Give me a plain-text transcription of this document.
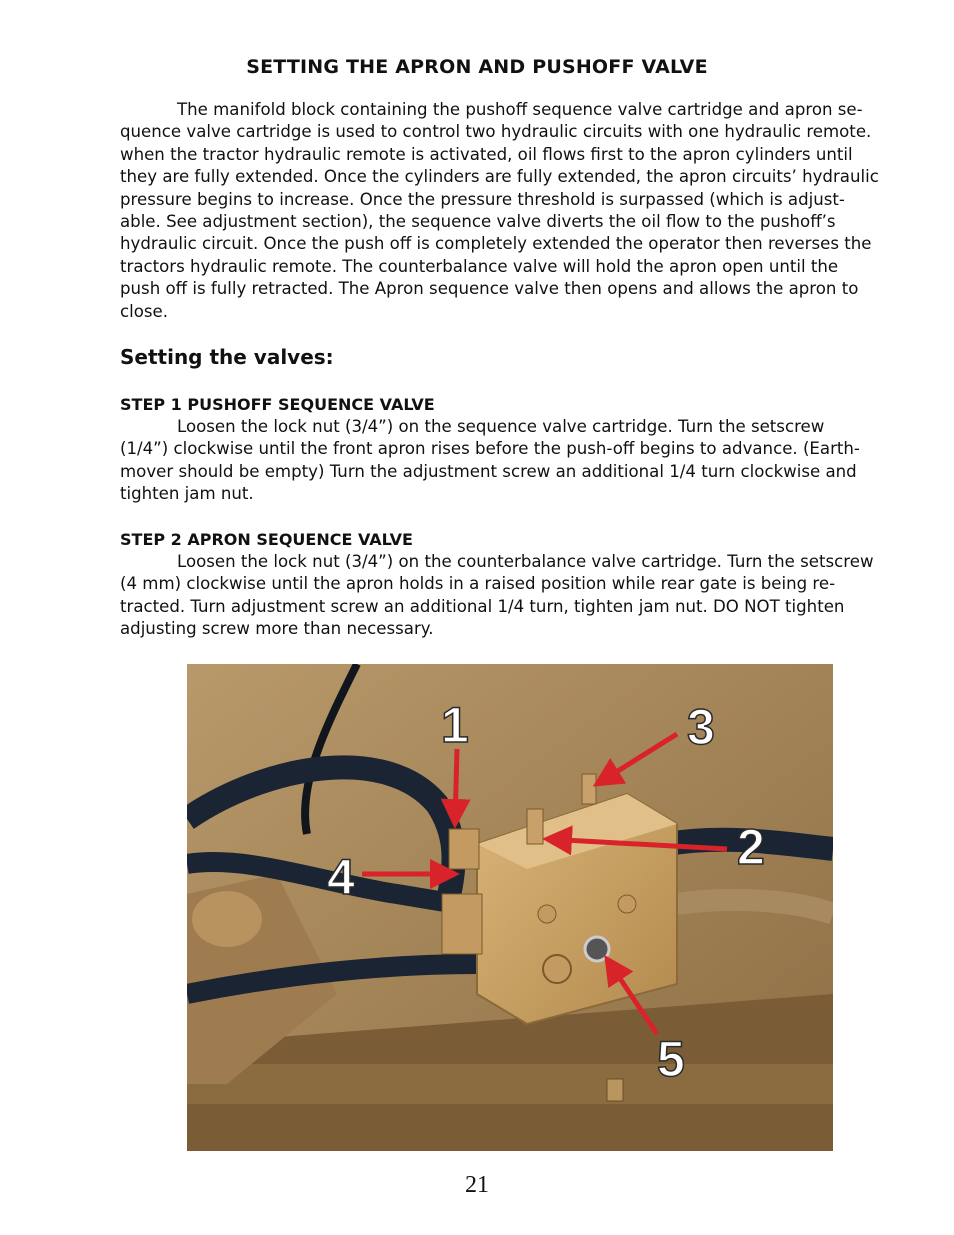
SETTING THE APRON AND PUSHOFF VALVE
The manifold block containing the pushoff sequence valve cartridge and apron se-
quence valve cartridge is used to control two hydraulic circuits with one hydraulic remote.
when the tractor hydraulic remote is activated, oil flows first to the apron cylinders until
they are fully extended. Once the cylinders are fully extended, the apron circuits’ hydraulic
pressure begins to increase. Once the pressure threshold is surpassed (which is adjust-
able. See adjustment section), the sequence valve diverts the oil flow to the pushoff’s
hydraulic circuit. Once the push off is completely extended the operator then reverses the
tractors hydraulic remote. The counterbalance valve will hold the apron open until the
push off is fully retracted. The Apron sequence valve then opens and allows the apron to
close.
Setting the valves:
STEP 1 PUSHOFF SEQUENCE VALVE
Loosen the lock nut (3/4”) on the sequence valve cartridge. Turn the setscrew
(1/4”) clockwise until the front apron rises before the push-off begins to advance. (Earth-
mover should be empty) Turn the adjustment screw an additional 1/4 turn clockwise and
tighten jam nut.
STEP 2 APRON SEQUENCE VALVE
Loosen the lock nut (3/4”) on the counterbalance valve cartridge. Turn the setscrew
(4 mm) clockwise until the apron holds in a raised position while rear gate is being re-
tracted. Turn adjustment screw an additional 1/4 turn, tighten jam nut. DO NOT tighten
adjusting screw more than necessary.
1
2
3
4
5
21
